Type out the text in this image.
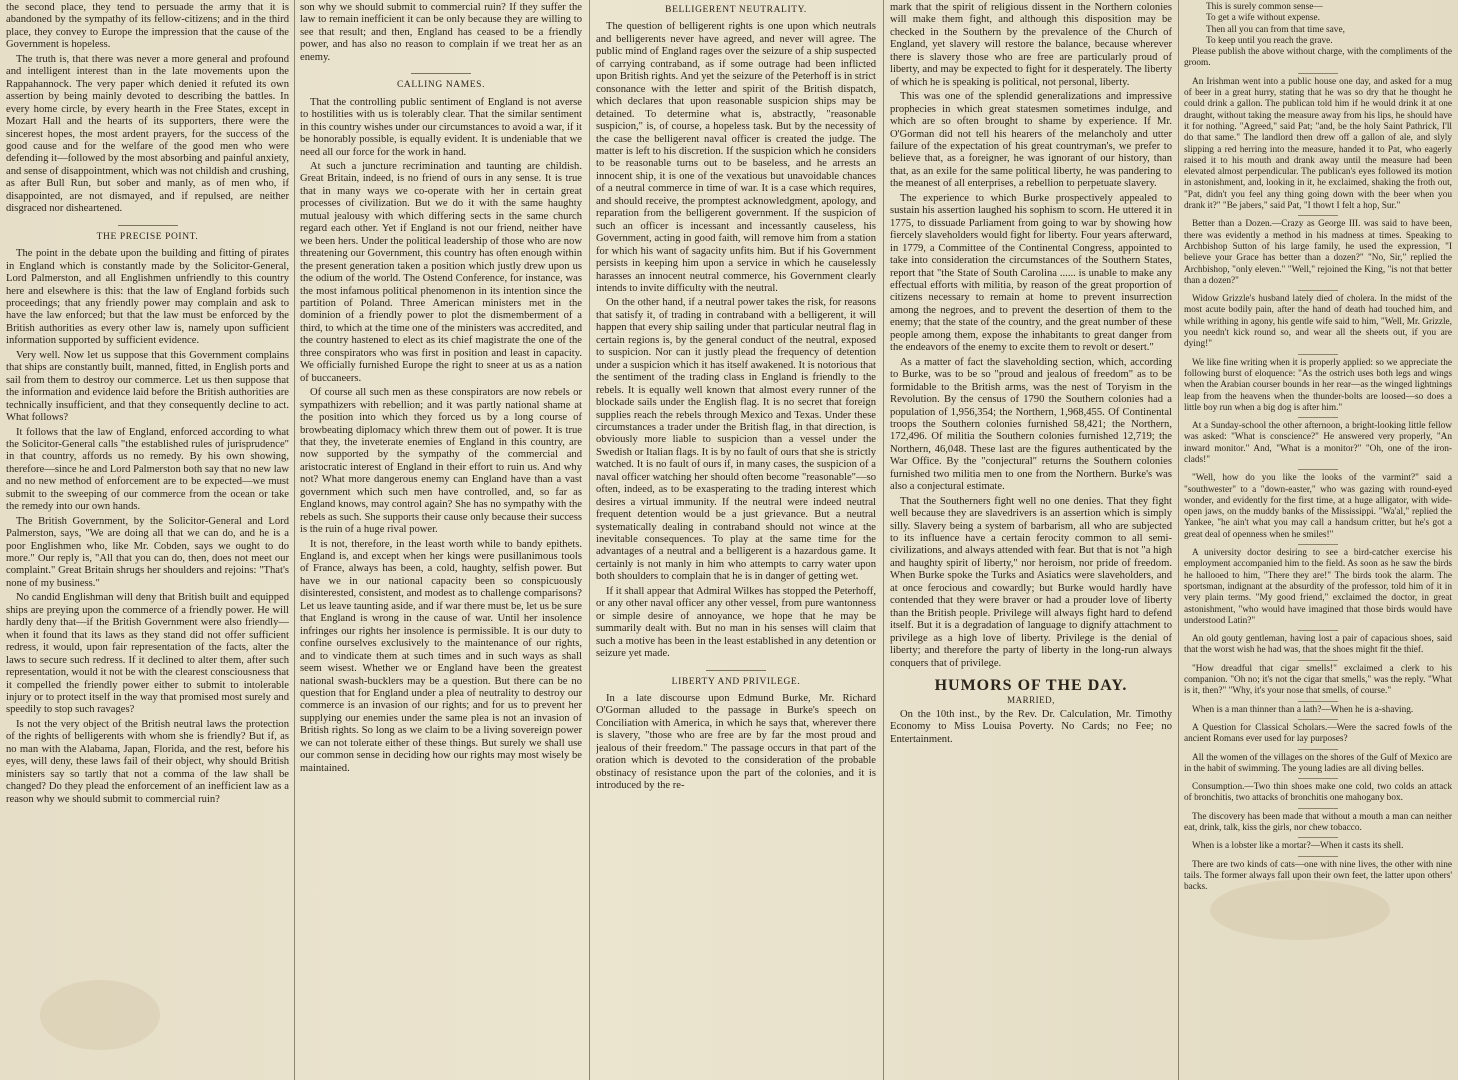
the second place, they tend to persuade the army that it is abandoned by the sympathy of its fellow-citizens; and in the third place, they convey to Europe the impression that the cause of the Government is hopeless.

The truth is, that there was never a more general and profound and intelligent interest than in the late movements upon the Rappahannock. The very paper which denied it refuted its own assertion by being mainly devoted to describing the battles. In every home circle, by every hearth in the Free States, except in Mozart Hall and the hearts of its supporters, there were the sincerest hopes, the most ardent prayers, for the success of the good cause and for the welfare of the good men who were defending it—followed by the most absorbing and painful anxiety, and sense of disappointment, which was not childish and crushing, as after Bull Run, but sober and manly, as of men who, if disappointed, are not dismayed, and if repulsed, are neither disgraced nor disheartened.

THE PRECISE POINT.

The point in the debate upon the building and fitting of pirates in England which is constantly made by the Solicitor-General, Lord Palmerston, and all Englishmen unfriendly to this country here and elsewhere is this: that the law of England forbids such proceedings; that any friendly power may complain and ask to have the law enforced; but that the law must be enforced by the British authorities as every other law is, namely upon sufficient information supported by sufficient evidence.

Very well. Now let us suppose that this Government complains that ships are constantly built, manned, fitted, in English ports and sail from them to destroy our commerce. Let us then suppose that the information and evidence laid before the British authorities are technically insufficient, and that they consequently decline to act. What follows?

It follows that the law of England, enforced according to what the Solicitor-General calls "the established rules of jurisprudence" in that country, affords us no remedy. By his own showing, therefore—since he and Lord Palmerston both say that no new law and no new method of enforcement are to be expected—we must submit to the sweeping of our commerce from the ocean or take the remedy into our own hands.

The British Government, by the Solicitor-General and Lord Palmerston, says, "We are doing all that we can do, and he is a poor Englishmen who, like Mr. Cobden, says we ought to do more." Our reply is, "All that you can do, then, does not meet our complaint." Great Britain shrugs her shoulders and rejoins: "That's none of my business."

No candid Englishman will deny that British built and equipped ships are preying upon the commerce of a friendly power. He will hardly deny that—if the British Government were also friendly—when it found that its laws as they stand did not offer sufficient redress, it would, upon fair representation of the facts, alter the laws to secure such redress. If it declined to alter them, after such representation, would it not be with the clearest consciousness that it compelled the friendly power either to submit to intolerable injury or to protect itself in the way that promised most surely and speedily to stop such ravages?

Is not the very object of the British neutral laws the protection of the rights of belligerents with whom she is friendly? But if, as no man with the Alabama, Japan, Florida, and the rest, before his eyes, will deny, these laws fail of their object, why should British ministers say so tartly that not a comma of the law shall be changed? Do they plead the enforcement of an inefficient law as a reason why we should submit to commercial ruin?

son why we should submit to commercial ruin? If they suffer the law to remain inefficient it can be only because they are willing to see that result; and then, England has ceased to be a friendly power, and has also no reason to complain if we treat her as an enemy.

CALLING NAMES.

That the controlling public sentiment of England is not averse to hostilities with us is tolerably clear. That the similar sentiment in this country wishes under our circumstances to avoid a war, if it be honorably possible, is equally evident. It is undeniable that we need all our force for the work in hand.

At such a juncture recrimination and taunting are childish. Great Britain, indeed, is no friend of ours in any sense. It is true that in many ways we co-operate with her in certain great processes of civilization. But we do it with the same haughty mutual jealousy with which differing sects in the same church regard each other. Yet if England is not our friend, neither have we been hers. Under the political leadership of those who are now threatening our Government, this country has often enough within the present generation taken a position which justly drew upon us the odium of the world. The Ostend Conference, for instance, was the most infamous political phenomenon in its intention since the partition of Poland. Three American ministers met in the dominion of a friendly power to plot the dismemberment of a third, to which at the time one of the ministers was accredited, and the country hastened to elect as its chief magistrate the one of the three conspirators who was first in position and least in capacity. We officially furnished Europe the right to sneer at us as a nation of buccaneers.

Of course all such men as these conspirators are now rebels or sympathizers with rebellion; and it was partly national shame at the position into which they forced us by a long course of browbeating diplomacy which threw them out of power. It is true that they, the inveterate enemies of England in this country, are now supported by the sympathy of the commercial and aristocratic interest of England in their effort to ruin us. And why not? What more dangerous enemy can England have than a vast government which such men have controlled, and, so far as England knows, may control again? She has no sympathy with the rebels as such. She supports their cause only because their success is the ruin of a huge rival power.

It is not, therefore, in the least worth while to bandy epithets. England is, and except when her kings were pusillanimous tools of France, always has been, a cold, haughty, selfish power. But have we in our national capacity been so conspicuously disinterested, consistent, and modest as to challenge comparisons? Let us leave taunting aside, and if war there must be, let us be sure that England is wrong in the cause of war. Until her insolence infringes our rights her insolence is permissible. It is our duty to confine ourselves exclusively to the maintenance of our rights, and to vindicate them at such times and in such ways as shall seem wisest. Whether we or England have been the greatest national swash-bucklers may be a question. But there can be no question that for England under a plea of neutrality to destroy our commerce is an invasion of our rights; and for us to prevent her supplying our enemies under the same plea is not an invasion of British rights. So long as we claim to be a living sovereign power we can not tolerate either of these things. But surely we shall use our common sense in deciding how our rights may most wisely be maintained.

BELLIGERENT NEUTRALITY.

The question of belligerent rights is one upon which neutrals and belligerents never have agreed, and never will agree. The public mind of England rages over the seizure of a ship suspected of carrying contraband, as if some outrage had been inflicted upon British rights. And yet the seizure of the Peterhoff is in strict consonance with the letter and spirit of the British dispatch, which declares that upon reasonable suspicion ships may be detained. To determine what is, abstractly, "reasonable suspicion," is, of course, a hopeless task. But by the necessity of the case the belligerent naval officer is created the judge. The matter is left to his discretion. If the suspicion which he considers to be reasonable turns out to be baseless, and he arrests an innocent ship, it is one of the vexatious but unavoidable chances of a neutral commerce in time of war. It is a case which requires, and should receive, the promptest acknowledgment, apology, and reparation from the belligerent government. If the suspicion of such an officer is incessant and incessantly causeless, his Government, acting in good faith, will remove him from a station for which his want of sagacity unfits him. But if his Government persists in keeping him upon a service in which he causelessly harasses an innocent neutral commerce, his Government clearly intends to invite difficulty with the neutral.

On the other hand, if a neutral power takes the risk, for reasons that satisfy it, of trading in contraband with a belligerent, it will happen that every ship sailing under that particular neutral flag in certain regions is, by the general conduct of the neutral, exposed to suspicion. Nor can it justly plead the frequency of detention under a suspicion which it has itself awakened. It is notorious that the sentiment of the trading class in England is friendly to the rebels. It is equally well known that almost every runner of the blockade sails under the English flag. It is no secret that foreign supplies reach the rebels through Mexico and Texas. Under these circumstances a trader under the British flag, in that direction, is obviously more liable to suspicion than a vessel under the Swedish or Italian flags. It is by no fault of ours that she is strictly watched. It is no fault of ours if, in many cases, the suspicion of a naval officer watching her should often become "reasonable"—so often, indeed, as to be exasperating to the trading interest which desires a virtual immunity. If the neutral were indeed neutral frequent detention would be a just grievance. But a neutral systematically dealing in contraband should not wince at the inevitable consequences. To play at the same time for the advantages of a neutral and a belligerent is a hazardous game. It certainly is not manly in him who attempts to carry water upon both shoulders to complain that he is in danger of getting wet.

If it shall appear that Admiral Wilkes has stopped the Peterhoff, or any other naval officer any other vessel, from pure wantonness or simple desire of annoyance, we hope that he may be summarily dealt with. But no man in his senses will claim that such a motive has been in the least established in any detention or seizure yet made.

LIBERTY AND PRIVILEGE.

In a late discourse upon Edmund Burke, Mr. Richard O'Gorman alluded to the passage in Burke's speech on Conciliation with America, in which he says that, wherever there is slavery, "those who are free are by far the most proud and jealous of their freedom." The passage occurs in that part of the oration which is devoted to the consideration of the probable obstinacy of resistance upon the part of the colonies, and it is introduced by the re-

mark that the spirit of religious dissent in the Northern colonies will make them fight, and although this disposition may be checked in the Southern by the prevalence of the Church of England, yet slavery will restore the balance, because wherever there is slavery those who are free are particularly proud of liberty, and may be expected to fight for it desperately. The liberty of which he is speaking is political, not personal, liberty.

This was one of the splendid generalizations and impressive prophecies in which great statesmen sometimes indulge, and which are so often brought to shame by experience. If Mr. O'Gorman did not tell his hearers of the melancholy and utter failure of the expectation of his great countryman's, we prefer to believe that, as a foreigner, he was ignorant of our history, than that, as an exile for the same political liberty, he was pandering to the meanest of all enterprises, a rebellion to perpetuate slavery.

The experience to which Burke prospectively appealed to sustain his assertion laughed his sophism to scorn. He uttered it in 1775, to dissuade Parliament from going to war by showing how fiercely slaveholders would fight for liberty. Four years afterward, in 1779, a Committee of the Continental Congress, appointed to take into consideration the circumstances of the Southern States, report that "the State of South Carolina ...... is unable to make any effectual efforts with militia, by reason of the great proportion of citizens necessary to remain at home to prevent insurrection among the negroes, and to prevent the desertion of them to the enemy; that the state of the country, and the great number of these people among them, expose the inhabitants to great danger from the endeavors of the enemy to excite them to revolt or desert."

As a matter of fact the slaveholding section, which, according to Burke, was to be so "proud and jealous of freedom" as to be formidable to the British arms, was the nest of Toryism in the Revolution. By the census of 1790 the Southern colonies had a population of 1,956,354; the Northern, 1,968,455. Of Continental troops the Southern colonies furnished 58,421; the Northern, 172,496. Of militia the Southern colonies furnished 12,719; the Northern, 46,048. These last are the figures authenticated by the War Office. By the "conjectural" returns the Southern colonies furnished two militia men to one from the Northern. Burke's was also a conjectural estimate.

That the Southerners fight well no one denies. That they fight well because they are slavedrivers is an assertion which is simply silly. Slavery being a system of barbarism, all who are subjected to its influence have a certain ferocity common to all semi-civilizations, and always attended with fear. But that is not "a high and haughty spirit of liberty," nor heroism, nor pride of freedom. When Burke spoke the Turks and Asiatics were slaveholders, and at once ferocious and cowardly; but Burke would hardly have contended that they were braver or had a prouder love of liberty than the British people. Privilege will always fight hard to defend itself. But it is a degradation of language to dignify attachment to privilege as a high love of liberty. Privilege is the denial of liberty; and therefore the party of liberty in the long-run always conquers that of privilege.

HUMORS OF THE DAY.
MARRIED,

On the 10th inst., by the Rev. Dr. Calculation, Mr. Timothy Economy to Miss Louisa Poverty. No Cards; no Fee; no Entertainment.

This is surely common sense—

To get a wife without expense.

Then all you can from that time save,

To keep until you reach the grave.

Please publish the above without charge, with the compliments of the groom.

An Irishman went into a public house one day, and asked for a mug of beer in a great hurry, stating that he was so dry that he thought he could drink a gallon. The publican told him if he would drink it at one draught, without taking the measure away from his lips, he should have it for nothing. "Agreed," said Pat; "and, be the holy Saint Pathrick, I'll do that same." The landlord then drew off a gallon of ale, and slyly slipping a red herring into the measure, handed it to Pat, who eagerly raised it to his mouth and drank away until the measure had been elevated almost perpendicular. The publican's eyes followed its motion in astonishment, and, looking in it, he exclaimed, shaking the froth out, "Pat, didn't you feel any thing going down with the beer when you drank it?" "Be jabers," said Pat, "I thowt I felt a hop, Sur."

Better than a Dozen.—Crazy as George III. was said to have been, there was evidently a method in his madness at times. Speaking to Archbishop Sutton of his large family, he used the expression, "I believe your Grace has better than a dozen?" "No, Sir," replied the Archbishop, "only eleven." "Well," rejoined the King, "is not that better than a dozen?"

Widow Grizzle's husband lately died of cholera. In the midst of the most acute bodily pain, after the hand of death had touched him, and while writhing in agony, his gentle wife said to him, "Well, Mr. Grizzle, you needn't kick round so, and wear all the sheets out, if you are dying!"

We like fine writing when it is properly applied: so we appreciate the following burst of eloquence: "As the ostrich uses both legs and wings when the Arabian courser bounds in her rear—as the winged lightnings leap from the heavens when the thunder-bolts are loosed—so does a little boy run when a big dog is after him."

At a Sunday-school the other afternoon, a bright-looking little fellow was asked: "What is conscience?" He answered very properly, "An inward monitor." And, "What is a monitor?" "Oh, one of the iron-clads!"

"Well, how do you like the looks of the varmint?" said a "southwester" to a "down-easter," who was gazing with round-eyed wonder, and evidently for the first time, at a huge alligator, with wide-open jaws, on the muddy banks of the Mississippi. "Wa'al," replied the Yankee, "he ain't what you may call a handsum critter, but he's got a great deal of openness when he smiles!"

A university doctor desiring to see a bird-catcher exercise his employment accompanied him to the field. As soon as he saw the birds he hallooed to him, "There they are!" The birds took the alarm. The sportsman, indignant at the absurdity of the professor, told him of it in very plain terms. "My good friend," exclaimed the doctor, in great astonishment, "who would have imagined that those birds would have understood Latin?"

An old gouty gentleman, having lost a pair of capacious shoes, said that the worst wish he had was, that the shoes might fit the thief.

"How dreadful that cigar smells!" exclaimed a clerk to his companion. "Oh no; it's not the cigar that smells," was the reply. "What is it, then?" "Why, it's your nose that smells, of course."

When is a man thinner than a lath?—When he is a-shaving.

A Question for Classical Scholars.—Were the sacred fowls of the ancient Romans ever used for lay purposes?

All the women of the villages on the shores of the Gulf of Mexico are in the habit of swimming. The young ladies are all diving belles.

Consumption.—Two thin shoes make one cold, two colds an attack of bronchitis, two attacks of bronchitis one mahogany box.

The discovery has been made that without a mouth a man can neither eat, drink, talk, kiss the girls, nor chew tobacco.

When is a lobster like a mortar?—When it casts its shell.

There are two kinds of cats—one with nine lives, the other with nine tails. The former always fall upon their own feet, the latter upon others' backs.
